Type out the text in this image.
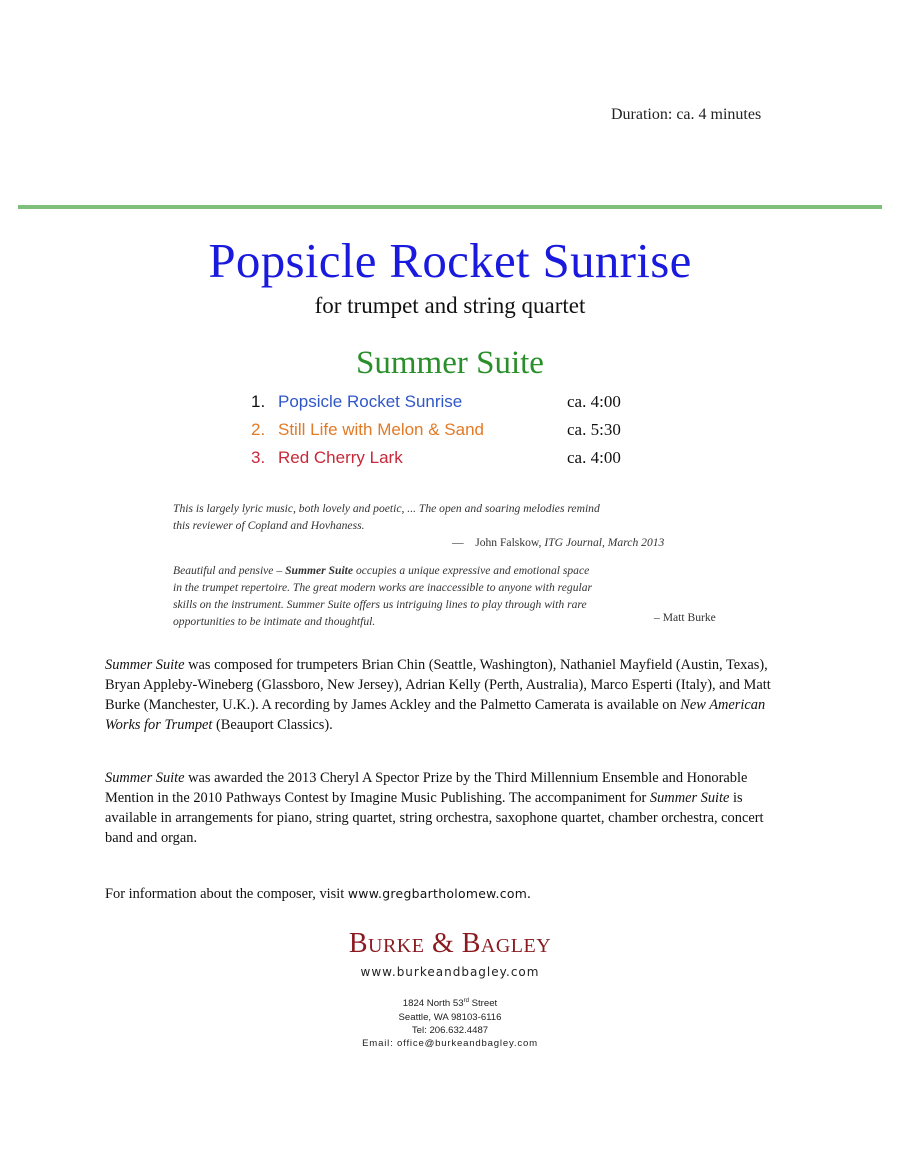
Duration: ca. 4 minutes
Popsicle Rocket Sunrise
for trumpet and string quartet
Summer Suite
1. Popsicle Rocket Sunrise	ca. 4:00
2. Still Life with Melon & Sand	ca. 5:30
3. Red Cherry Lark	ca. 4:00
This is largely lyric music, both lovely and poetic, ... The open and soaring melodies remind
this reviewer of Copland and Hovhaness.
— John Falskow, ITG Journal, March 2013
Beautiful and pensive – Summer Suite occupies a unique expressive and emotional space
in the trumpet repertoire. The great modern works are inaccessible to anyone with regular
skills on the instrument. Summer Suite offers us intriguing lines to play through with rare
opportunities to be intimate and thoughtful.	– Matt Burke
Summer Suite was composed for trumpeters Brian Chin (Seattle, Washington), Nathaniel Mayfield (Austin, Texas), Bryan Appleby-Wineberg (Glassboro, New Jersey), Adrian Kelly (Perth, Australia), Marco Esperti (Italy), and Matt Burke (Manchester, U.K.). A recording by James Ackley and the Palmetto Camerata is available on New American Works for Trumpet (Beauport Classics).
Summer Suite was awarded the 2013 Cheryl A Spector Prize by the Third Millennium Ensemble and Honorable Mention in the 2010 Pathways Contest by Imagine Music Publishing. The accompaniment for Summer Suite is available in arrangements for piano, string quartet, string orchestra, saxophone quartet, chamber orchestra, concert band and organ.
For information about the composer, visit www.gregbartholomew.com.
Burke & Bagley
www.burkeandbagley.com
1824 North 53rd Street
Seattle, WA 98103-6116
Tel: 206.632.4487
Email: office@burkeandbagley.com
